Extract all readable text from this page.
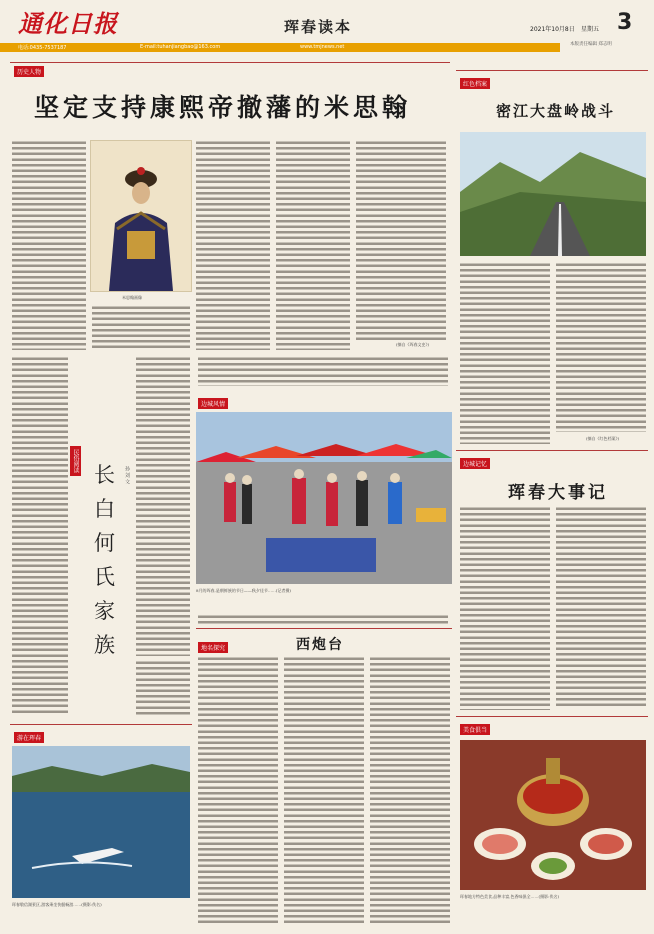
通化日报	珲春读本	2021年10月8日 星期五 3
本版责任编辑 郑志明
电话:0435-7537187	E-mail:tuhanjiangbao@163.com	www.tmjnews.net
历史人物
坚定支持康熙帝撤藩的米思翰
米思翰画像
(摘自《珲春文史》)
民俗阅读
长
白
何
氏
家
族
孙 刘 文
边城风情
8月的珲春,是朝鲜族的节日——秋夕佳节……(记者摄)
红色档案
密江大盘岭战斗
(摘自《红色档案》)
边城记忆
珲春大事记
地名探究	西炮台
游在珲春
珲春敬信湖景区,游客乘坐快艇畅游……(摄影:佚名)
美食俱当
珲春地方特色美食,品种丰富,色香味俱全……(摄影:佚名)
